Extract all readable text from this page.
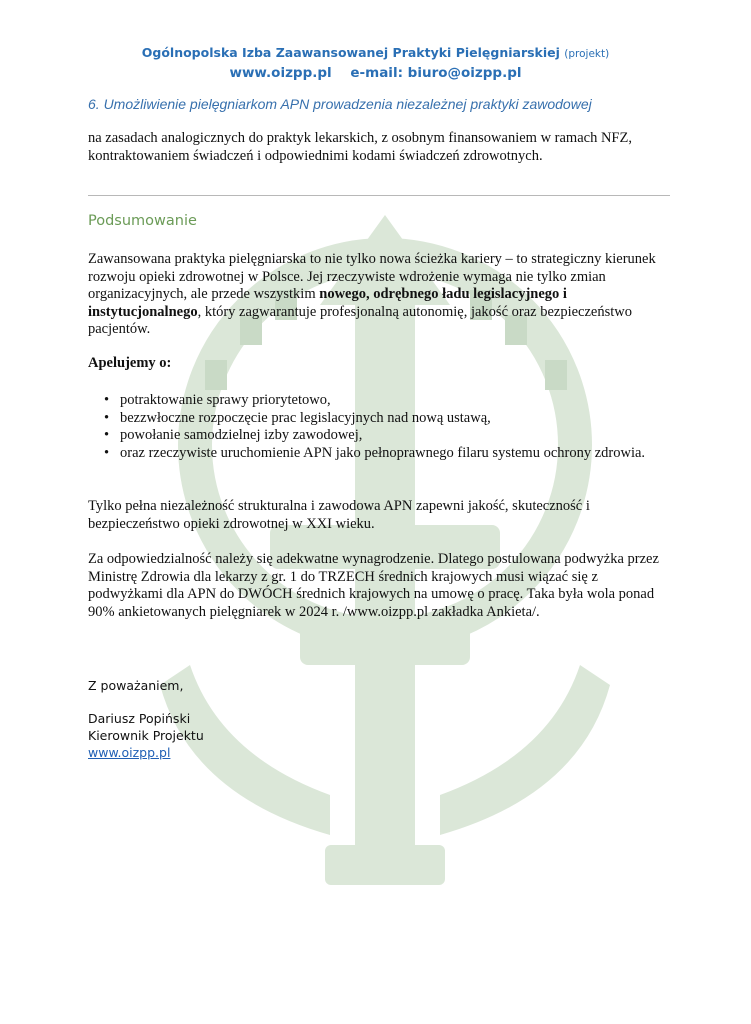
Ogólnopolska Izba Zaawansowanej Praktyki Pielęgniarskiej (projekt)
www.oizpp.pl e-mail: biuro@oizpp.pl
6. Umożliwienie pielęgniarkom APN prowadzenia niezależnej praktyki zawodowej
na zasadach analogicznych do praktyk lekarskich, z osobnym finansowaniem w ramach NFZ, kontraktowaniem świadczeń i odpowiednimi kodami świadczeń zdrowotnych.
Podsumowanie
Zawansowana praktyka pielęgniarska to nie tylko nowa ścieżka kariery – to strategiczny kierunek rozwoju opieki zdrowotnej w Polsce. Jej rzeczywiste wdrożenie wymaga nie tylko zmian organizacyjnych, ale przede wszystkim nowego, odrębnego ładu legislacyjnego i instytucjonalnego, który zagwarantuje profesjonalną autonomię, jakość oraz bezpieczeństwo pacjentów.
Apelujemy o:
• potraktowanie sprawy priorytetowo,
• bezzwłoczne rozpoczęcie prac legislacyjnych nad nową ustawą,
• powołanie samodzielnej izby zawodowej,
• oraz rzeczywiste uruchomienie APN jako pełnoprawnego filaru systemu ochrony zdrowia.
Tylko pełna niezależność strukturalna i zawodowa APN zapewni jakość, skuteczność i bezpieczeństwo opieki zdrowotnej w XXI wieku.
Za odpowiedzialność należy się adekwatne wynagrodzenie. Dlatego postulowana podwyżka przez Ministrę Zdrowia dla lekarzy z gr. 1 do TRZECH średnich krajowych musi wiązać się z podwyżkami dla APN do DWÓCH średnich krajowych na umowę o pracę. Taka była wola ponad 90% ankietowanych pielęgniarek w 2024 r. /www.oizpp.pl zakładka Ankieta/.
Z poważaniem,
Dariusz Popiński
Kierownik Projektu
www.oizpp.pl
